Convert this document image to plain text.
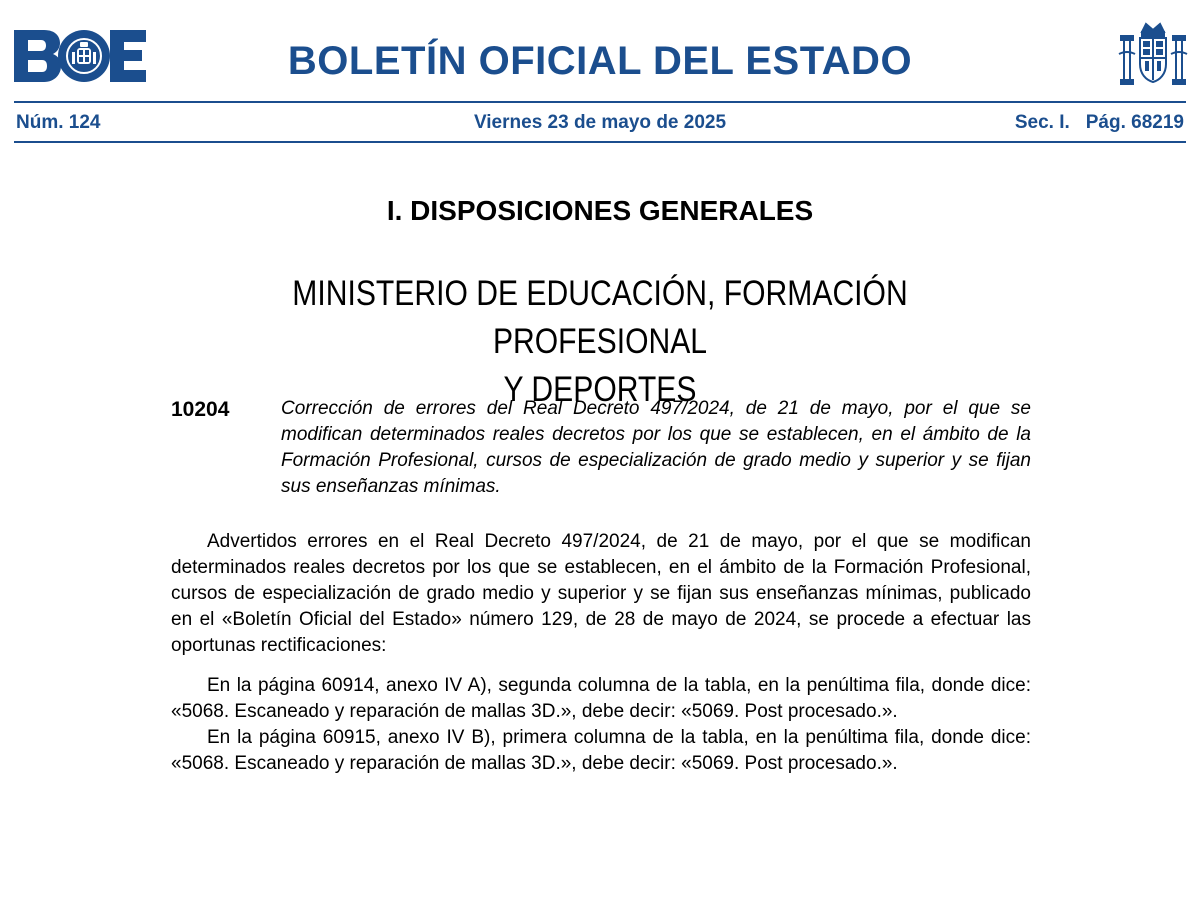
BOLETÍN OFICIAL DEL ESTADO
Núm. 124	Viernes 23 de mayo de 2025	Sec. I. Pág. 68219
I. DISPOSICIONES GENERALES
MINISTERIO DE EDUCACIÓN, FORMACIÓN PROFESIONAL
Y DEPORTES
10204	Corrección de errores del Real Decreto 497/2024, de 21 de mayo, por el que se modifican determinados reales decretos por los que se establecen, en el ámbito de la Formación Profesional, cursos de especialización de grado medio y superior y se fijan sus enseñanzas mínimas.

Advertidos errores en el Real Decreto 497/2024, de 21 de mayo, por el que se modifican determinados reales decretos por los que se establecen, en el ámbito de la Formación Profesional, cursos de especialización de grado medio y superior y se fijan sus enseñanzas mínimas, publicado en el «Boletín Oficial del Estado» número 129, de 28 de mayo de 2024, se procede a efectuar las oportunas rectificaciones:

En la página 60914, anexo IV A), segunda columna de la tabla, en la penúltima fila, donde dice: «5068. Escaneado y reparación de mallas 3D.», debe decir: «5069. Post procesado.».

En la página 60915, anexo IV B), primera columna de la tabla, en la penúltima fila, donde dice: «5068. Escaneado y reparación de mallas 3D.», debe decir: «5069. Post procesado.».
